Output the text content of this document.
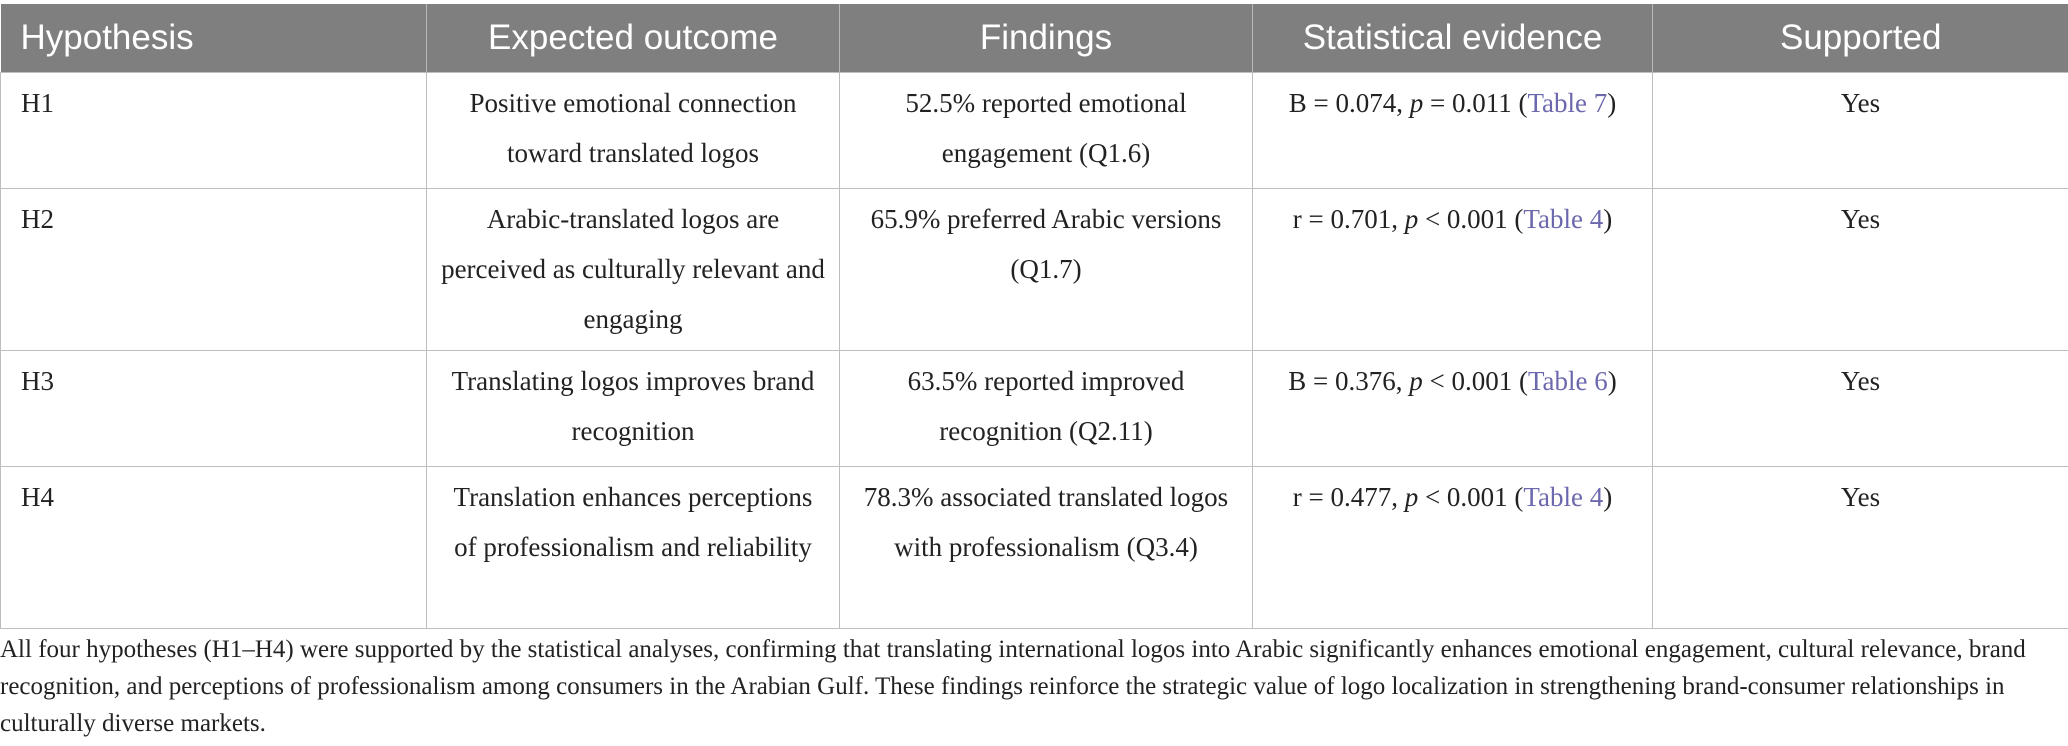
Hypothesis	Expected outcome	Findings	Statistical evidence	Supported
H1	Positive emotional connection toward translated logos	52.5% reported emotional engagement (Q1.6)	B = 0.074, p = 0.011 (Table 7)	Yes
H2	Arabic-translated logos are perceived as culturally relevant and engaging	65.9% preferred Arabic versions (Q1.7)	r = 0.701, p < 0.001 (Table 4)	Yes
H3	Translating logos improves brand recognition	63.5% reported improved recognition (Q2.11)	B = 0.376, p < 0.001 (Table 6)	Yes
H4	Translation enhances perceptions of professionalism and reliability	78.3% associated translated logos with professionalism (Q3.4)	r = 0.477, p < 0.001 (Table 4)	Yes
All four hypotheses (H1–H4) were supported by the statistical analyses, confirming that translating international logos into Arabic significantly enhances emotional engagement, cultural relevance, brand recognition, and perceptions of professionalism among consumers in the Arabian Gulf. These findings reinforce the strategic value of logo localization in strengthening brand-consumer relationships in culturally diverse markets.
